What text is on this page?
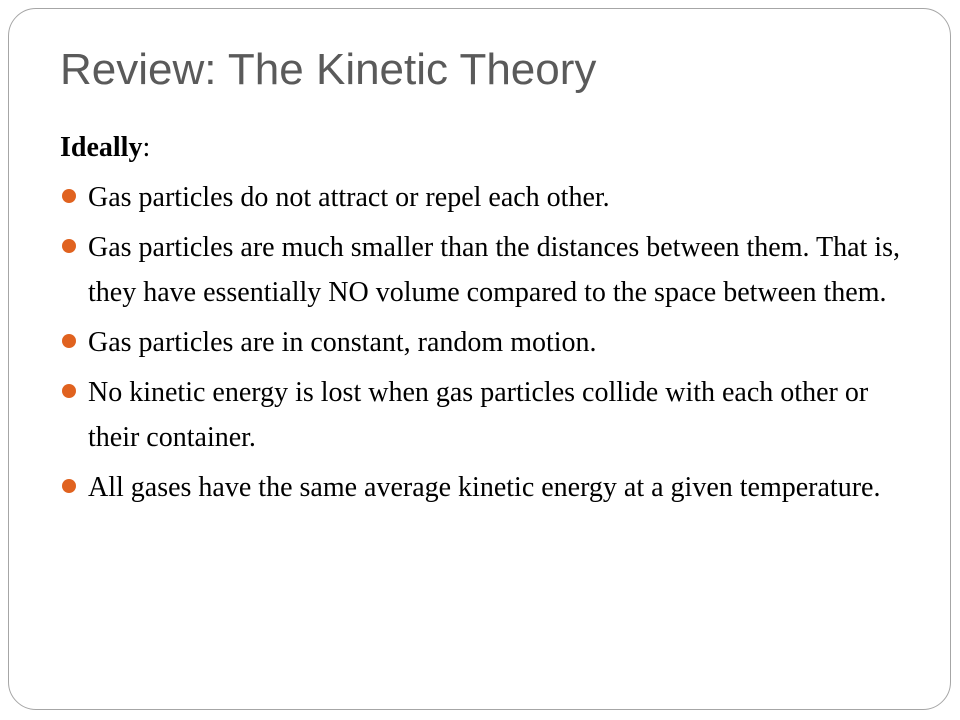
Review: The Kinetic Theory
Ideally:
Gas particles do not attract or repel each other.
Gas particles are much smaller than the distances between them. That is, they have essentially NO volume compared to the space between them.
Gas particles are in constant, random motion.
No kinetic energy is lost when gas particles collide with each other or their container.
All gases have the same average kinetic energy at a given temperature.
